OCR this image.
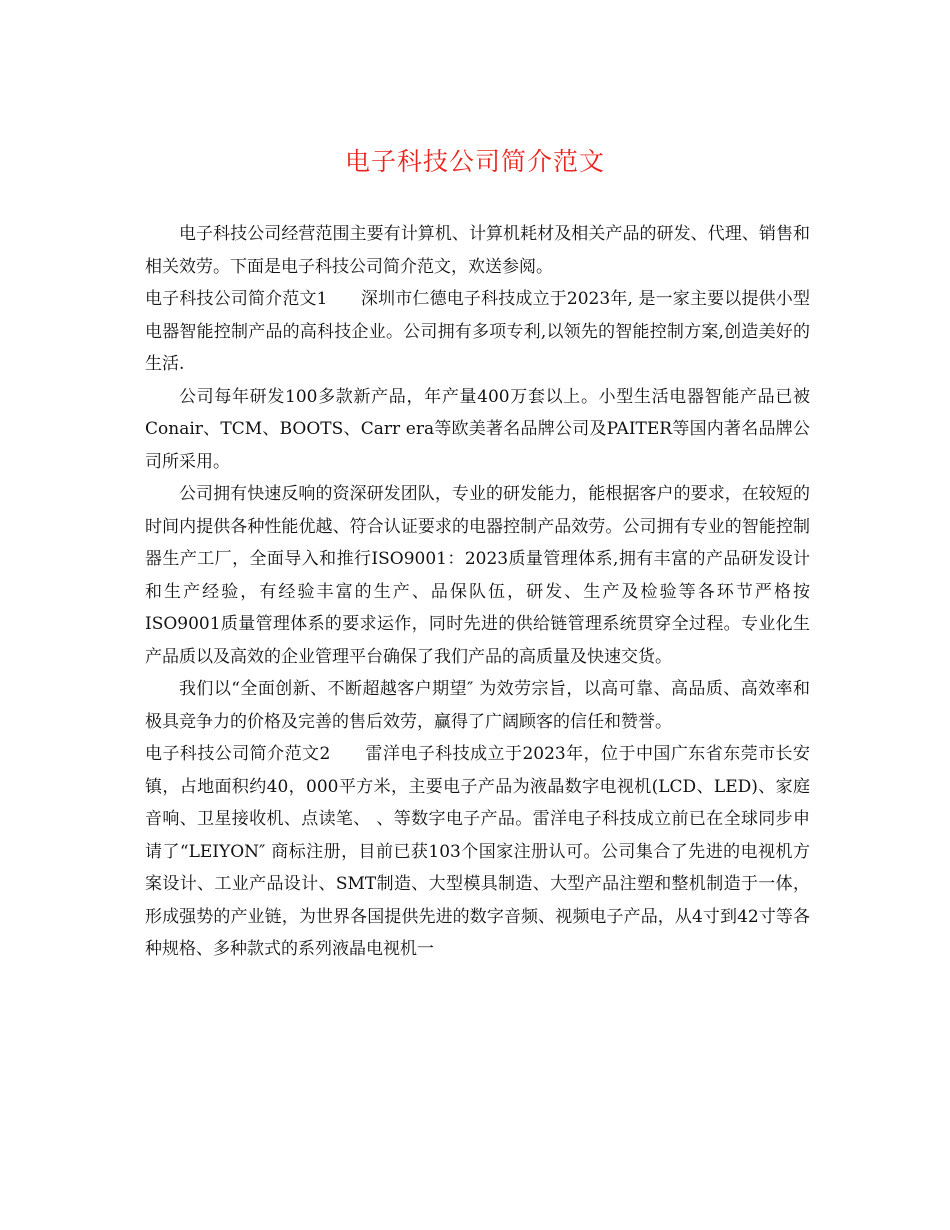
电子科技公司简介范文

电子科技公司经营范围主要有计算机、计算机耗材及相关产品的研发、代理、销售和相关效劳。下面是电子科技公司简介范文，欢送参阅。

电子科技公司简介范文1 深圳市仁德电子科技成立于2023年, 是一家主要以提供小型电器智能控制产品的高科技企业。公司拥有多项专利,以领先的智能控制方案,创造美好的生活.

公司每年研发100多款新产品，年产量400万套以上。小型生活电器智能产品已被Conair、TCM、BOOTS、Carr era等欧美著名品牌公司及PAITER等国内著名品牌公司所采用。

公司拥有快速反响的资深研发团队，专业的研发能力，能根据客户的要求，在较短的时间内提供各种性能优越、符合认证要求的电器控制产品效劳。公司拥有专业的智能控制器生产工厂，全面导入和推行ISO9001：2023质量管理体系,拥有丰富的产品研发设计和生产经验，有经验丰富的生产、品保队伍，研发、生产及检验等各环节严格按ISO9001质量管理体系的要求运作，同时先进的供给链管理系统贯穿全过程。专业化生产品质以及高效的企业管理平台确保了我们产品的高质量及快速交货。

我们以“全面创新、不断超越客户期望″ 为效劳宗旨，以高可靠、高品质、高效率和极具竞争力的价格及完善的售后效劳，赢得了广阔顾客的信任和赞誉。

电子科技公司简介范文2 雷洋电子科技成立于2023年，位于中国广东省东莞市长安镇，占地面积约40，000平方米，主要电子产品为液晶数字电视机(LCD、LED)、家庭音响、卫星接收机、点读笔、 、等数字电子产品。雷洋电子科技成立前已在全球同步申请了“LEIYON″ 商标注册，目前已获103个国家注册认可。公司集合了先进的电视机方案设计、工业产品设计、SMT制造、大型模具制造、大型产品注塑和整机制造于一体，形成强势的产业链，为世界各国提供先进的数字音频、视频电子产品，从4寸到42寸等各种规格、多种款式的系列液晶电视机一
